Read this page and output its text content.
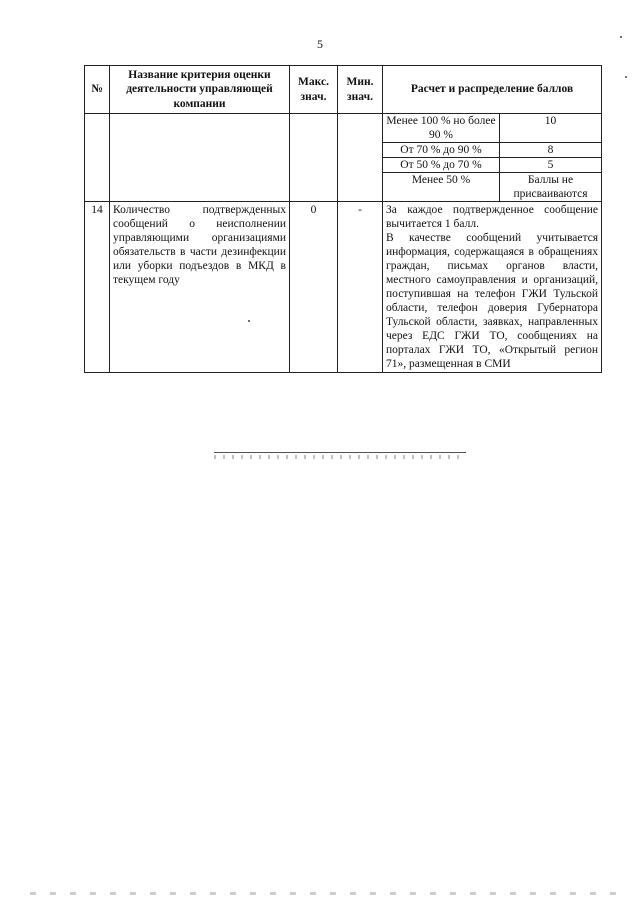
5
№	Название критерия оценки деятельности управляющей компании	Макс. знач.	Мин. знач.	Расчет и распределение баллов	
				Менее 100 % но более 90 %	10
				От 70 % до 90 %	8
				От 50 % до 70 %	5
				Менее 50 %	Баллы не присваиваются
14	Количество подтвержденных сообщений о неисполнении управляющими организациями обязательств в части дезинфекции или уборки подъездов в МКД в текущем году	0	-	За каждое подтвержденное сообщение вычитается 1 балл.
В качестве сообщений учитывается информация, содержащаяся в обращениях граждан, письмах органов власти, местного самоуправления и организаций, поступившая на телефон ГЖИ Тульской области, телефон доверия Губернатора Тульской области, заявках, направленных через ЕДС ГЖИ ТО, сообщениях на порталах ГЖИ ТО, «Открытый регион 71», размещенная в СМИ	
